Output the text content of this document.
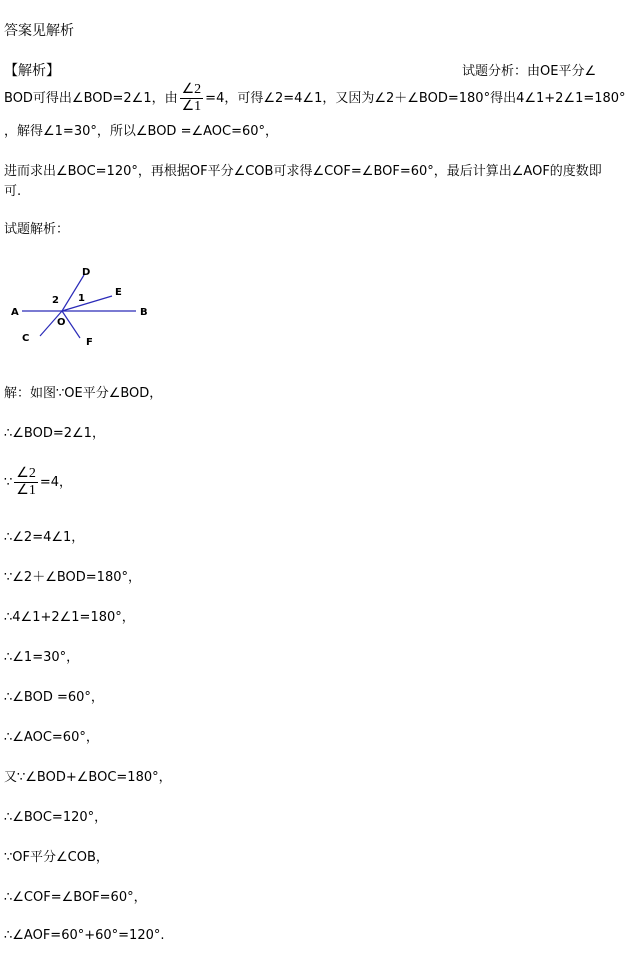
答案见解析
【解析】	试题分析：由OE平分∠
BOD可得出∠BOD=2∠1，由 $\frac{\angle 2}{\angle 1} =4$，可得∠2=4∠1，又因为∠2＋∠BOD=180°得出4∠1+2∠1=180°
，解得∠1=30°，所以∠BOD =∠AOC=60°，
进而求出∠BOC=120°，再根据OF平分∠COB可求得∠COF=∠BOF=60°，最后计算出∠AOF的度数即
可.
试题解析：
A	B
D
E
C	F
O
1
2
解：如图∵OE平分∠BOD，
∴∠BOD=2∠1，
∵ $\frac{\angle 2}{\angle 1} =4$，
∴∠2=4∠1，
∵∠2＋∠BOD=180°，
∴4∠1+2∠1=180°，
∴∠1=30°，
∴∠BOD =60°，
∴∠AOC=60°，
又∵∠BOD+∠BOC=180°，
∴∠BOC=120°，
∵OF平分∠COB，
∴∠COF=∠BOF=60°，
∴∠AOF=60°+60°=120°.
